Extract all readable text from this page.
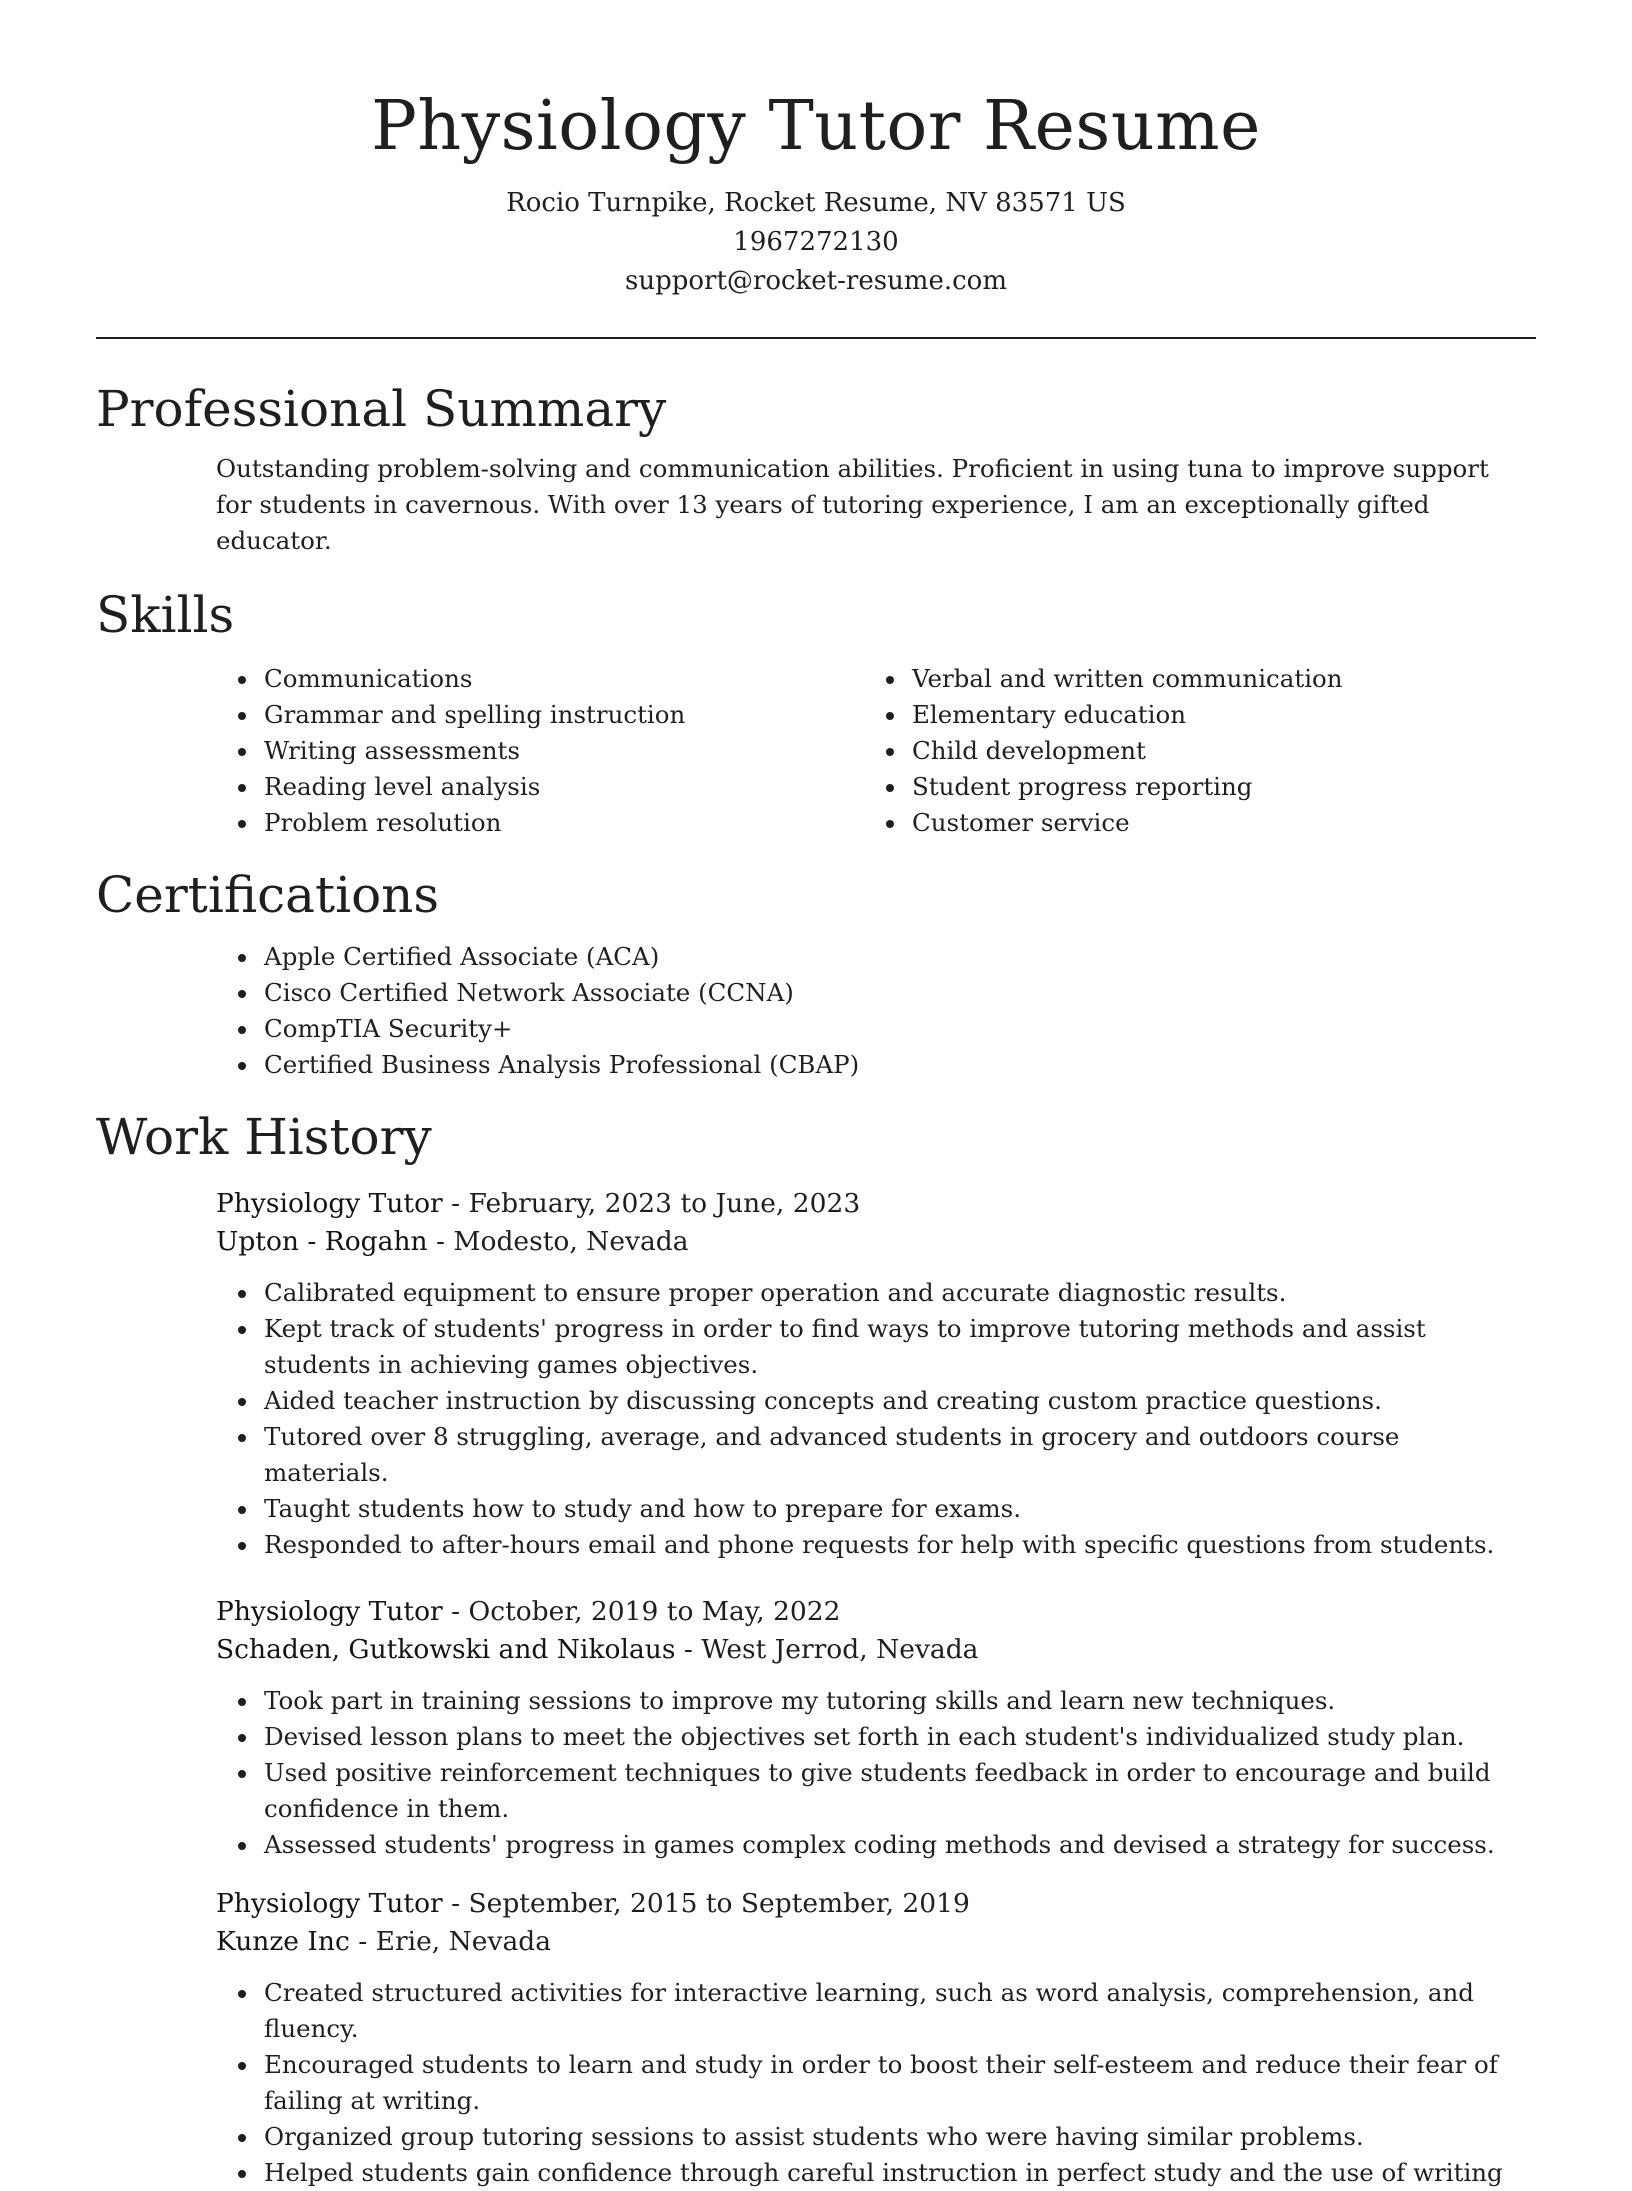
Physiology Tutor Resume
Rocio Turnpike, Rocket Resume, NV 83571 US
1967272130
support@rocket-resume.com
Professional Summary

Outstanding problem-solving and communication abilities. Proficient in using tuna to improve support for students in cavernous. With over 13 years of tutoring experience, I am an exceptionally gifted educator.

Skills
• Communications
• Grammar and spelling instruction
• Writing assessments
• Reading level analysis
• Problem resolution
• Verbal and written communication
• Elementary education
• Child development
• Student progress reporting
• Customer service
Certifications
• Apple Certified Associate (ACA)
• Cisco Certified Network Associate (CCNA)
• CompTIA Security+
• Certified Business Analysis Professional (CBAP)
Work History
Physiology Tutor - February, 2023 to June, 2023
Upton - Rogahn - Modesto, Nevada
• Calibrated equipment to ensure proper operation and accurate diagnostic results.
• Kept track of students' progress in order to find ways to improve tutoring methods and assist students in achieving games objectives.
• Aided teacher instruction by discussing concepts and creating custom practice questions.
• Tutored over 8 struggling, average, and advanced students in grocery and outdoors course materials.
• Taught students how to study and how to prepare for exams.
• Responded to after-hours email and phone requests for help with specific questions from students.
Physiology Tutor - October, 2019 to May, 2022
Schaden, Gutkowski and Nikolaus - West Jerrod, Nevada
• Took part in training sessions to improve my tutoring skills and learn new techniques.
• Devised lesson plans to meet the objectives set forth in each student's individualized study plan.
• Used positive reinforcement techniques to give students feedback in order to encourage and build confidence in them.
• Assessed students' progress in games complex coding methods and devised a strategy for success.
Physiology Tutor - September, 2015 to September, 2019
Kunze Inc - Erie, Nevada
• Created structured activities for interactive learning, such as word analysis, comprehension, and fluency.
• Encouraged students to learn and study in order to boost their self-esteem and reduce their fear of failing at writing.
• Organized group tutoring sessions to assist students who were having similar problems.
• Helped students gain confidence through careful instruction in perfect study and the use of writing
